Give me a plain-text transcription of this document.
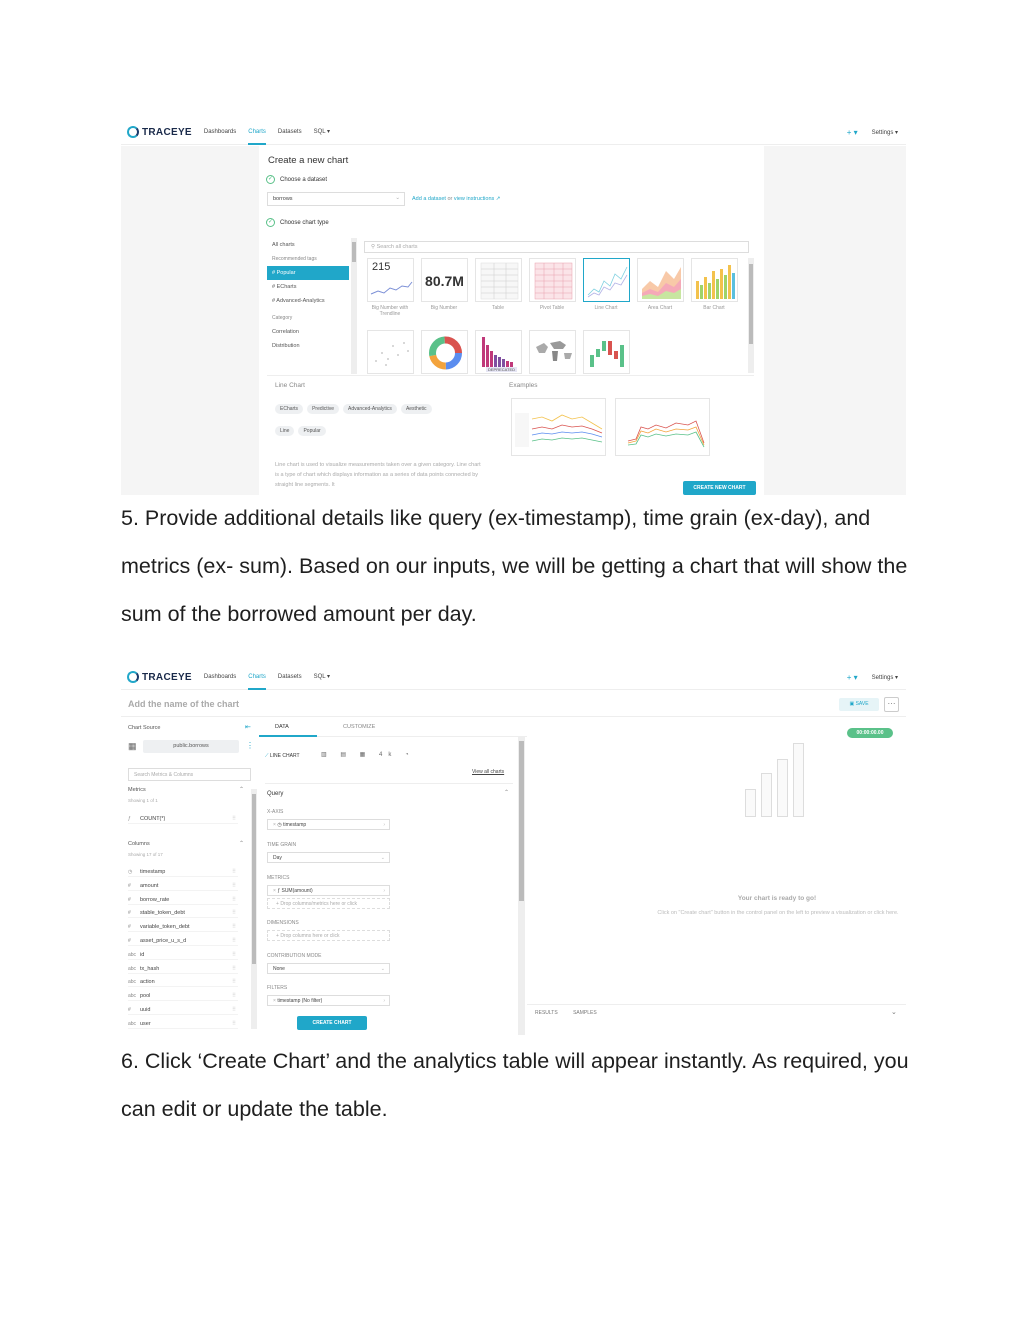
TRACEYE Dashboards Charts Datasets SQL ▾	+ ▾ Settings ▾
Create a new chart
✓	Choose a dataset
borrows	⌄ Add a dataset or view instructions ↗
✓	Choose chart type
All charts
Recommended tags
# Popular
# ECharts
# Advanced-Analytics
Category
Correlation
Distribution
⚲ Search all charts
215
80.7M
Big Number with Trendline
Big Number	Table	Pivot Table	Line Chart	Area Chart	Bar Chart
DEPRECATED
Line Chart
ECharts	Predictive	Advanced-Analytics	Aesthetic
Line	Popular
Line chart is used to visualize measurements taken over a given category. Line chart is a type of chart which displays information as a series of data points connected by straight line segments. It
Examples
CREATE NEW CHART
5. Provide additional details like query (ex-timestamp), time grain (ex-day), and metrics (ex- sum). Based on our inputs, we will be getting a chart that will show the sum of the borrowed amount per day.
TRACEYE Dashboards Charts Datasets SQL ▾	+ ▾ Settings ▾
Add the name of the chart	▣ SAVE	···
Chart Source	⇤
▦	public.borrows	⋮
Search Metrics & Columns
Metrics	⌃
Showing 1 of 1
ƒ COUNT(*)	⠿
Columns	⌃
Showing 17 of 17
◷ timestamp	⠿
# amount	⠿
# borrow_rate	⠿
# stable_token_debt	⠿
# variable_token_debt	⠿
# asset_price_u_s_d	⠿
abc id	⠿
abc tx_hash	⠿
abc action	⠿
abc pool	⠿
# uuid	⠿
abc user	⠿
DATA	CUSTOMIZE
⟋ LINE CHART	▥ ▤ ▦ 4k ◔
View all charts
Query	⌃
X-AXIS
× ◷ timestamp	›
TIME GRAIN
Day	⌄
METRICS
× ƒ SUM(amount)	›
+ Drop columns/metrics here or click
DIMENSIONS
+ Drop columns here or click
CONTRIBUTION MODE
None	⌄
FILTERS
× timestamp (No filter)	›
CREATE CHART
00:00:00.00
Your chart is ready to go!
Click on "Create chart" button in the control panel on the left to preview a visualization or click here.
RESULTS	SAMPLES	⌄
6. Click ‘Create Chart’ and the analytics table will appear instantly. As required, you can edit or update the table.
